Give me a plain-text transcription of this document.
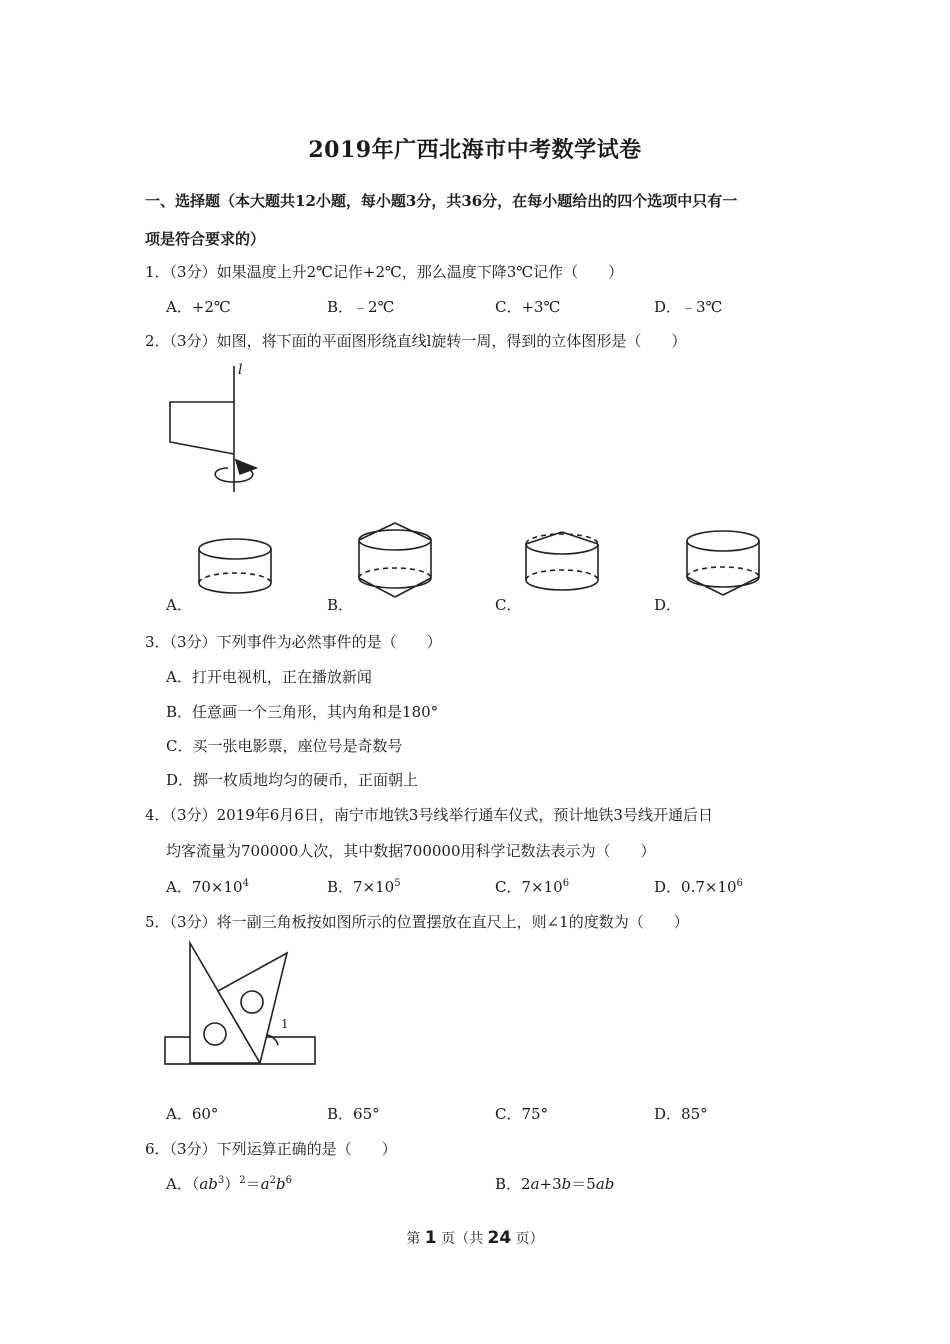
2019年广西北海市中考数学试卷
一、选择题（本大题共12小题，每小题3分，共36分，在每小题给出的四个选项中只有一
项是符合要求的）
1．（3分）如果温度上升2℃记作+2℃，那么温度下降3℃记作（　　）
A．+2℃	B．﹣2℃	C．+3℃	D．﹣3℃
2．（3分）如图，将下面的平面图形绕直线l旋转一周，得到的立体图形是（　　）
l
A．	B．	C．	D．
3．（3分）下列事件为必然事件的是（　　）
A．打开电视机，正在播放新闻
B．任意画一个三角形，其内角和是180°
C．买一张电影票，座位号是奇数号
D．掷一枚质地均匀的硬币，正面朝上
4．（3分）2019年6月6日，南宁市地铁3号线举行通车仪式，预计地铁3号线开通后日
均客流量为700000人次，其中数据700000用科学记数法表示为（　　）
A．$70\times 10^4$	B．$7\times 10^5$	C．$7\times 10^6$	D．$0.7\times 10^6$
5．（3分）将一副三角板按如图所示的位置摆放在直尺上，则∠1的度数为（　　）
1
A．60°	B．65°	C．75°	D．85°
6．（3分）下列运算正确的是（　　）
A．$(ab^3)^2=a^2b^6$	B．2a+3b＝5ab
第 1 页（共 24 页）
